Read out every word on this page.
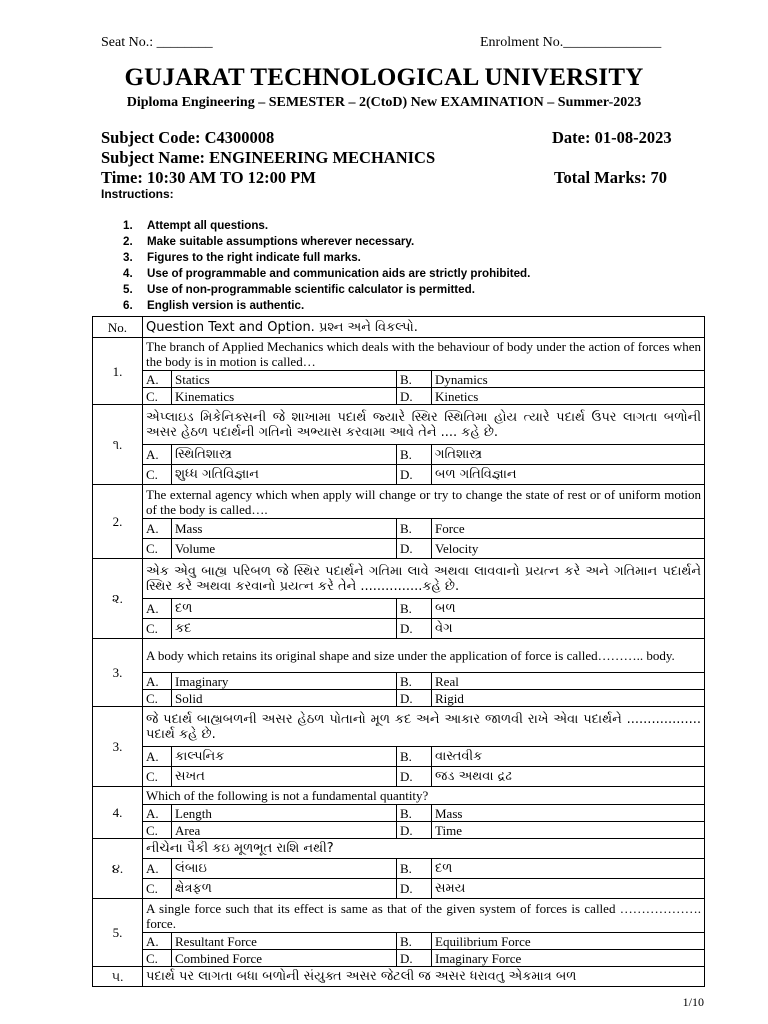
Seat No.: ________	Enrolment No.______________
GUJARAT TECHNOLOGICAL UNIVERSITY
Diploma Engineering – SEMESTER – 2(CtoD) New EXAMINATION – Summer-2023
Subject Code: C4300008	Date: 01-08-2023
Subject Name: ENGINEERING MECHANICS
Time: 10:30 AM TO 12:00 PM	Total Marks: 70
Instructions:
1. Attempt all questions.
2. Make suitable assumptions wherever necessary.
3. Figures to the right indicate full marks.
4. Use of programmable and communication aids are strictly prohibited.
5. Use of non-programmable scientific calculator is permitted.
6. English version is authentic.
No.	Question Text and Option. પ્રશ્ન અને વિકલ્પો.			
1.	The branch of Applied Mechanics which deals with the behaviour of body under the action of forces when the body is in motion is called…			
	A.	Statics	B.	Dynamics
	C.	Kinematics	D.	Kinetics
૧.	એપ્લાઇડ મિકેનિક્સની જે શાખામા પદાર્થ જ્યારે સ્થિર સ્થિતિમા હોય ત્યારે પદાર્થ ઉપર લાગતા બળોની અસર હેઠળ પદાર્થની ગતિનો અભ્યાસ કરવામા આવે તેને .... કહે છે.			
	A.	સ્થિતિશાસ્ત્ર	B.	ગતિશાસ્ત્ર
	C.	શુધ્ધ ગતિવિજ્ઞાન	D.	બળ ગતિવિજ્ઞાન
2.	The external agency which when apply will change or try to change the state of rest or of uniform motion of the body is called….			
	A.	Mass	B.	Force
	C.	Volume	D.	Velocity
૨.	એક એવુ બાહ્ય પરિબળ જે સ્થિર પદાર્થને ગતિમા લાવે અથવા લાવવાનો પ્રયત્ન કરે અને ગતિમાન પદાર્થને સ્થિર કરે અથવા કરવાનો પ્રયત્ન કરે તેને ...............કહે છે.			
	A.	દળ	B.	બળ
	C.	કદ	D.	વેગ
3.	A body which retains its original shape and size under the application of force is called……….. body.			
	A.	Imaginary	B.	Real
	C.	Solid	D.	Rigid
3.	જે પદાર્થ બાહ્યબળની અસર હેઠળ પોતાનો મૂળ કદ અને આકાર જાળવી રાખે એવા પદાર્થને .................. પદાર્થ કહે છે.			
	A.	કાલ્પનિક	B.	વાસ્તવીક
	C.	સખત	D.	જડ અથવા દ્રઢ
4.	Which of the following is not a fundamental quantity?			
	A.	Length	B.	Mass
	C.	Area	D.	Time
૪.	નીચેના પૈકી કઇ મૂળભૂત રાશિ નથી?			
	A.	લંબાઇ	B.	દળ
	C.	ક્ષેત્રફળ	D.	સમય
5.	A single force such that its effect is same as that of the given system of forces is called ………………. force.			
	A.	Resultant Force	B.	Equilibrium Force
	C.	Combined Force	D.	Imaginary Force
૫.	પદાર્થ પર લાગતા બધા બળોની સંયુક્ત અસર જેટલી જ અસર ધરાવતુ એકમાત્ર બળ			
1/10
